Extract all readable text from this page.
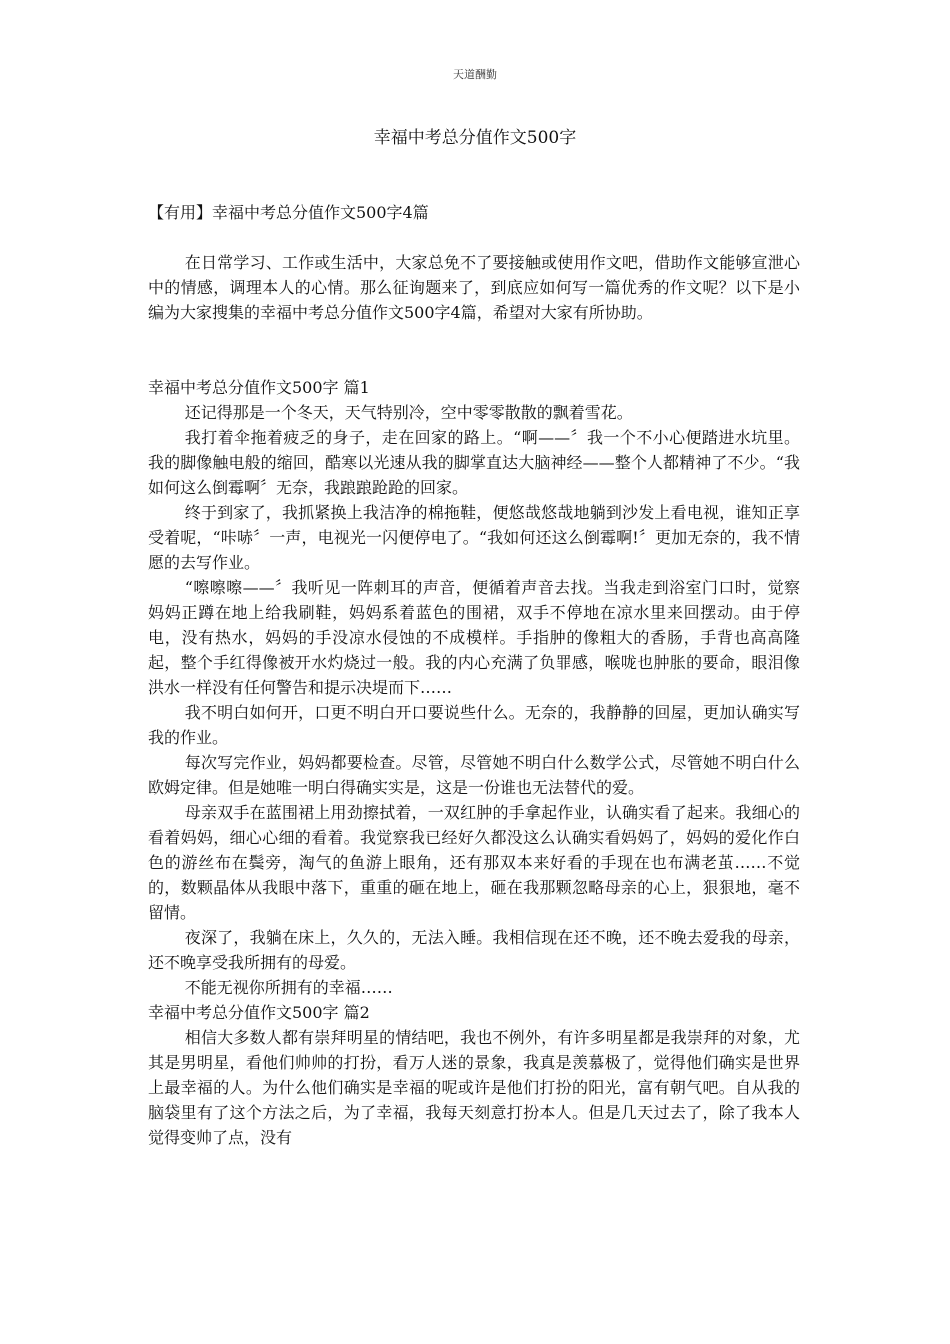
天道酬勤
幸福中考总分值作文500字
【有用】幸福中考总分值作文500字4篇

在日常学习、工作或生活中，大家总免不了要接触或使用作文吧，借助作文能够宣泄心中的情感，调理本人的心情。那么征询题来了，到底应如何写一篇优秀的作文呢？以下是小编为大家搜集的幸福中考总分值作文500字4篇，希望对大家有所协助。

幸福中考总分值作文500字 篇1

还记得那是一个冬天，天气特别冷，空中零零散散的飘着雪花。

我打着伞拖着疲乏的身子，走在回家的路上。“啊——〞我一个不小心便踏进水坑里。我的脚像触电般的缩回，酷寒以光速从我的脚掌直达大脑神经——整个人都精神了不少。“我如何这么倒霉啊〞无奈，我踉踉跄跄的回家。

终于到家了，我抓紧换上我洁净的棉拖鞋，便悠哉悠哉地躺到沙发上看电视，谁知正享受着呢，“咔哧〞一声，电视光一闪便停电了。“我如何还这么倒霉啊!〞更加无奈的，我不情愿的去写作业。

“嚓嚓嚓——〞我听见一阵刺耳的声音，便循着声音去找。当我走到浴室门口时，觉察妈妈正蹲在地上给我刷鞋，妈妈系着蓝色的围裙，双手不停地在凉水里来回摆动。由于停电，没有热水，妈妈的手没凉水侵蚀的不成模样。手指肿的像粗大的香肠，手背也高高隆起，整个手红得像被开水灼烧过一般。我的内心充满了负罪感，喉咙也肿胀的要命，眼泪像洪水一样没有任何警告和提示决堤而下……

我不明白如何开，口更不明白开口要说些什么。无奈的，我静静的回屋，更加认确实写我的作业。

每次写完作业，妈妈都要检查。尽管，尽管她不明白什么数学公式，尽管她不明白什么欧姆定律。但是她唯一明白得确实实是，这是一份谁也无法替代的爱。

母亲双手在蓝围裙上用劲擦拭着，一双红肿的手拿起作业，认确实看了起来。我细心的看着妈妈，细心心细的看着。我觉察我已经好久都没这么认确实看妈妈了，妈妈的爱化作白色的游丝布在鬓旁，淘气的鱼游上眼角，还有那双本来好看的手现在也布满老茧……不觉的，数颗晶体从我眼中落下，重重的砸在地上，砸在我那颗忽略母亲的心上，狠狠地，毫不留情。

夜深了，我躺在床上，久久的，无法入睡。我相信现在还不晚，还不晚去爱我的母亲，还不晚享受我所拥有的母爱。

不能无视你所拥有的幸福……

幸福中考总分值作文500字 篇2

相信大多数人都有崇拜明星的情结吧，我也不例外，有许多明星都是我崇拜的对象，尤其是男明星，看他们帅帅的打扮，看万人迷的景象，我真是羡慕极了，觉得他们确实是世界上最幸福的人。为什么他们确实是幸福的呢或许是他们打扮的阳光，富有朝气吧。自从我的脑袋里有了这个方法之后，为了幸福，我每天刻意打扮本人。但是几天过去了，除了我本人觉得变帅了点，没有
